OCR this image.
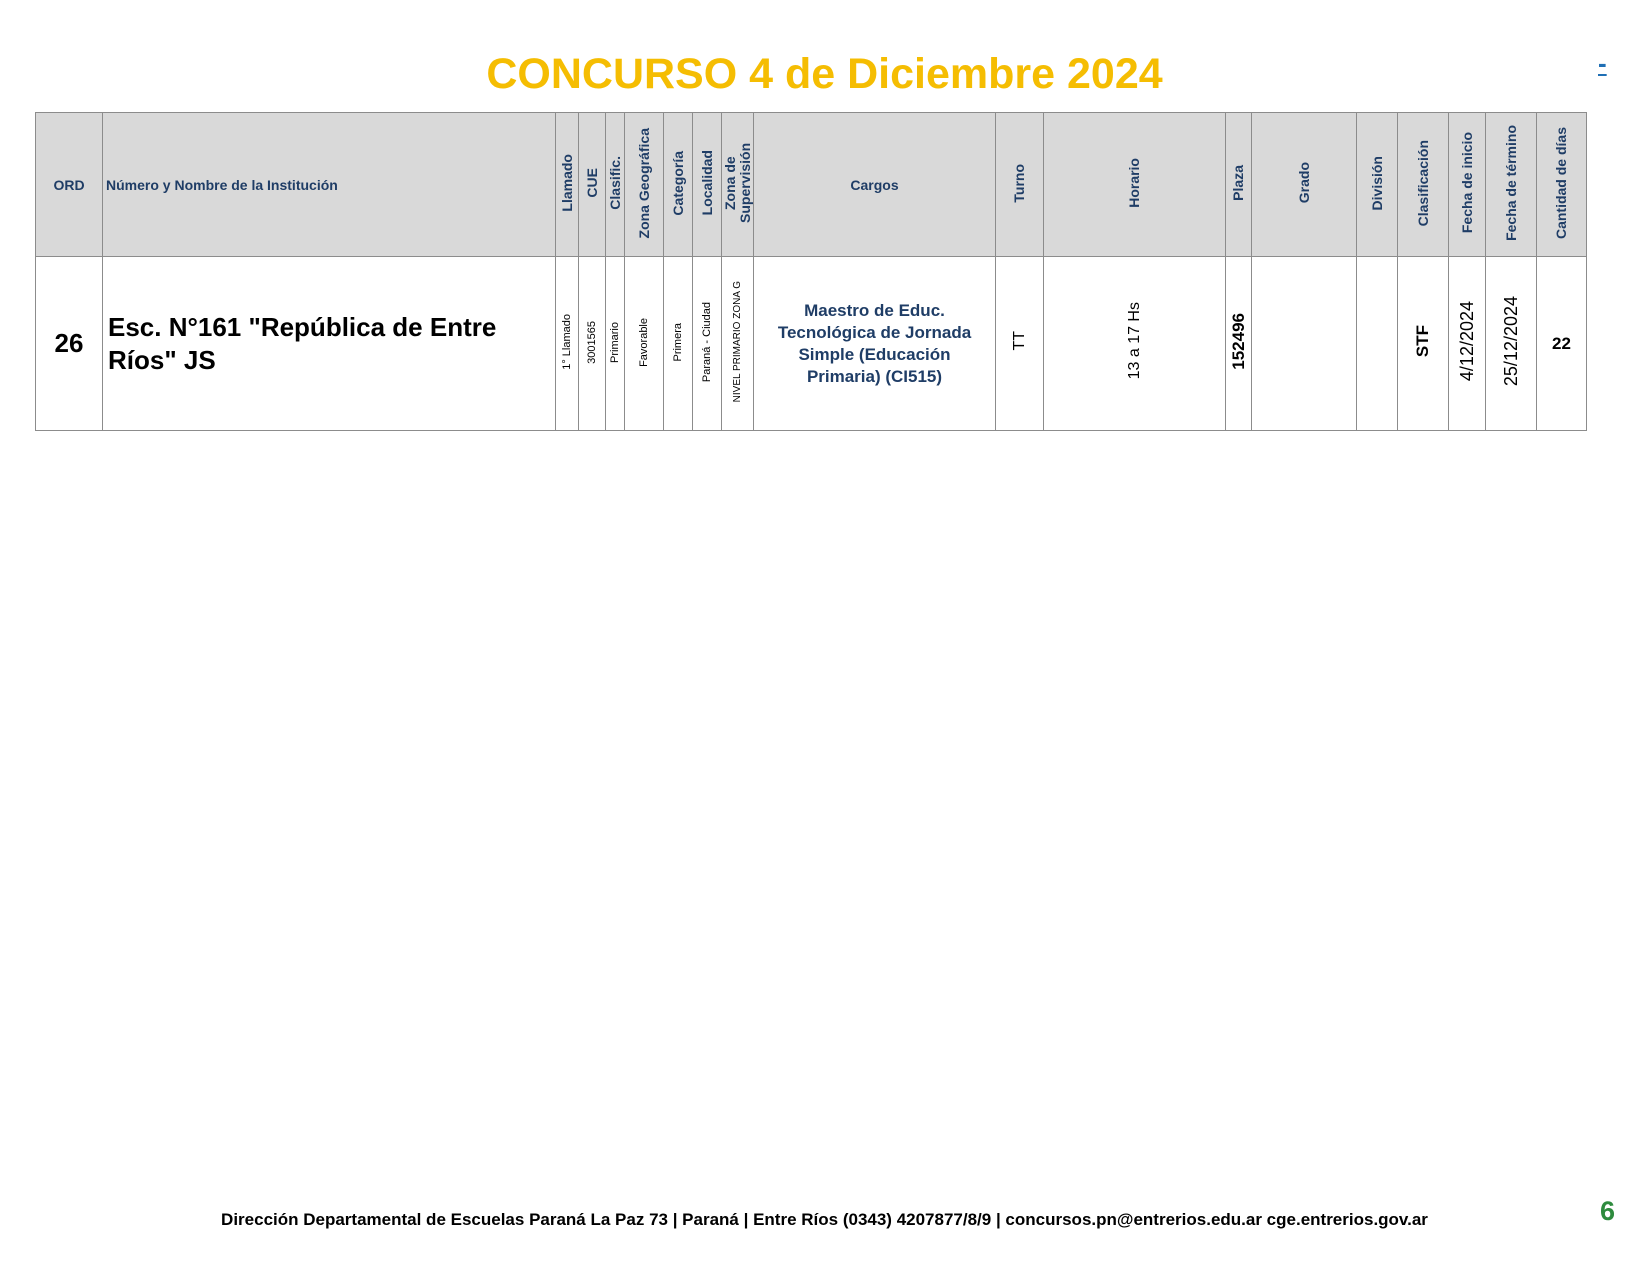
CONCURSO 4 de Diciembre 2024	-
ORD	Número y Nombre de la Institución	Llamado	CUE	Clasific.	Zona Geográfica	Categoría	Localidad	Zona de Supervisión	Cargos	Turno	Horario	Plaza	Grado	División	Clasificación	Fecha de inicio	Fecha de término	Cantidad de días
26	Esc. N°161 "República de Entre Ríos" JS	1° Llamado	3001565	Primario	Favorable	Primera	Paraná - Ciudad	NIVEL PRIMARIO ZONA G	Maestro de Educ. Tecnológica de Jornada Simple (Educación Primaria) (CI515)	TT	13 a 17 Hs	152496			STF	4/12/2024	25/12/2024	22
Dirección Departamental de Escuelas Paraná La Paz 73 | Paraná | Entre Ríos (0343) 4207877/8/9 | concursos.pn@entrerios.edu.ar cge.entrerios.gov.ar	6
